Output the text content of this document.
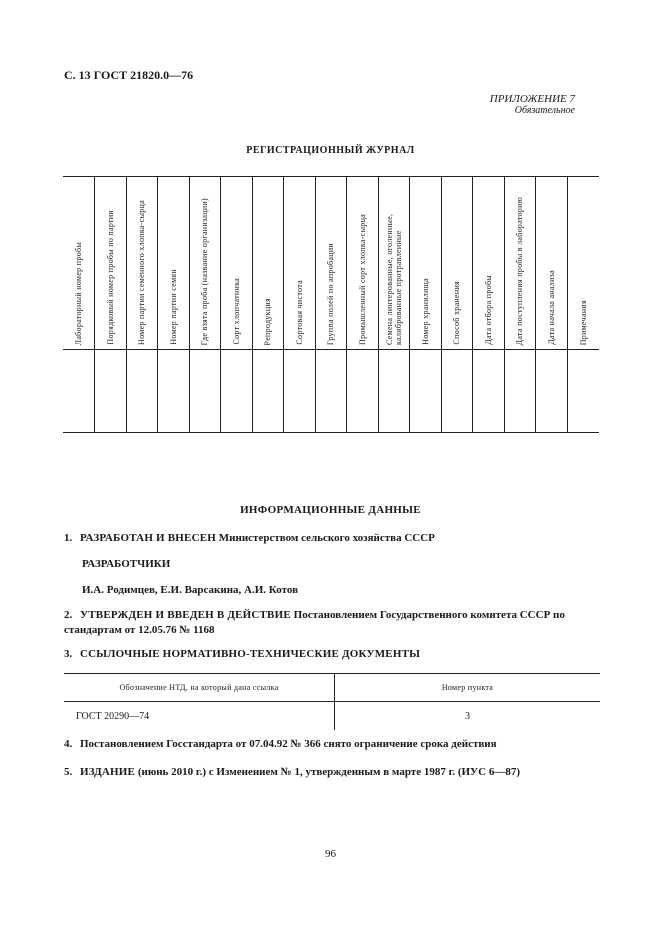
С. 13 ГОСТ 21820.0—76
ПРИЛОЖЕНИЕ 7
Обязательное
РЕГИСТРАЦИОННЫЙ ЖУРНАЛ
Лабораторный номер пробы	Порядковый номер пробы по партии	Номер партии семенного хлопка-сырца	Номер партии семян	Где взята проба (название организации)	Сорт хлопчатника	Репродукция	Сортовая чистота	Группа полей по апробации	Промышленный сорт хлопка-сырца	Семена линтерованные, оголенные, калиброванные протравленные	Номер хранилища	Способ хранения	Дата отбора пробы	Дата поступления пробы в лабораторию	Дата начала анализа	Примечания

ИНФОРМАЦИОННЫЕ ДАННЫЕ
1. РАЗРАБОТАН И ВНЕСЕН Министерством сельского хозяйства СССР
РАЗРАБОТЧИКИ
И.А. Родимцев, Е.И. Варсакина, А.И. Котов
2. УТВЕРЖДЕН И ВВЕДЕН В ДЕЙСТВИЕ Постановлением Государственного комитета СССР по стандартам от 12.05.76 № 1168
3. ССЫЛОЧНЫЕ НОРМАТИВНО-ТЕХНИЧЕСКИЕ ДОКУМЕНТЫ
Обозначение НТД, на который дана ссылка	Номер пункта
ГОСТ 20290—74	3
4. Постановлением Госстандарта от 07.04.92 № 366 снято ограничение срока действия
5. ИЗДАНИЕ (июнь 2010 г.) с Изменением № 1, утвержденным в марте 1987 г. (ИУС 6—87)
96
